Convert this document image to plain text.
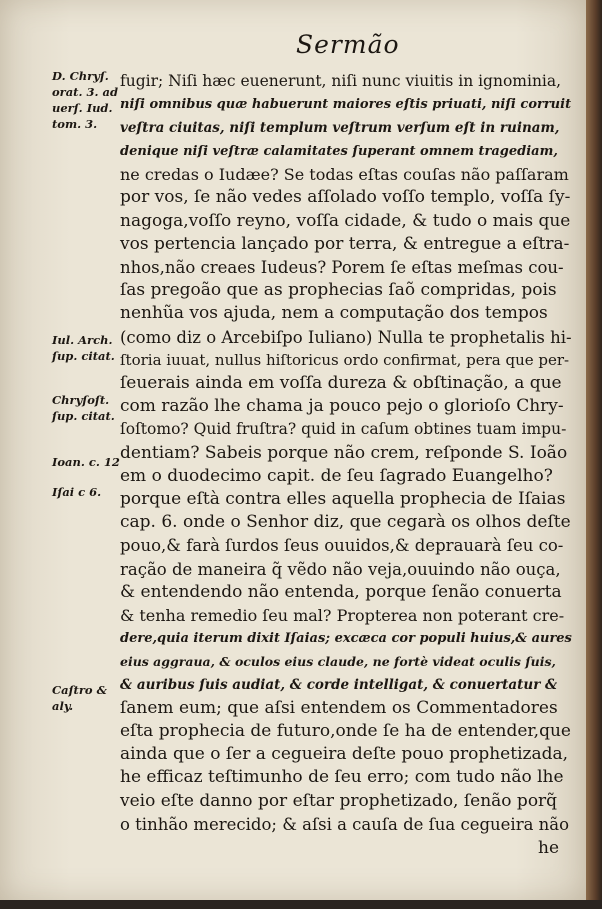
Sermão
D. Chryſ. orat. 3. ad uerſ. Iud. tom. 3.
Iul. Arch. ſup. citat.
Chryſoſt. ſup. citat.
Ioan. c. 12
Iſai c 6.
Caſtro & aly.
fugir; Niſi hæc euenerunt, niſi nunc viuitis in ignominia,
niſi omnibus quæ habuerunt maiores eſtis priuati, niſi corruit
veſtra ciuitas, niſi templum veſtrum verſum eſt in ruinam,
denique niſi veſtræ calamitates ſuperant omnem tragediam,
ne credas o Iudæe? Se todas eſtas couſas não paſſaram
por vos, ſe não vedes aſſolado voſſo templo, voſſa ſy-
nagoga,voſſo reyno, voſſa cidade, & tudo o mais que
vos pertencia lançado por terra, & entregue a eſtra-
nhos,não creaes Iudeus? Porem ſe eſtas meſmas cou-
ſas pregoão que as prophecias ſaõ compridas, pois
nenhũa vos ajuda, nem a computação dos tempos
(como diz o Arcebiſpo Iuliano) Nulla te prophetalis hi-
ſtoria iuuat, nullus hiſtoricus ordo confirmat, pera que per-
ſeuerais ainda em voſſa dureza & obſtinação, a que
com razão lhe chama ja pouco pejo o glorioſo Chry-
ſoſtomo? Quid fruſtra? quid in caſum obtines tuam impu-
dentiam? Sabeis porque não crem, reſponde S. Ioão
em o duodecimo capit. de ſeu ſagrado Euangelho?
porque eſtà contra elles aquella prophecia de Iſaias
cap. 6. onde o Senhor diz, que cegarà os olhos deſte
pouo,& farà ſurdos ſeus ouuidos,& deprauarà ſeu co-
ração de maneira q̃ vẽdo não veja,ouuindo não ouça,
& entendendo não entenda, porque ſenão conuerta
& tenha remedio ſeu mal? Propterea non poterant cre-
dere,quia iterum dixit Iſaias; excæca cor populi huius,& aures
eius aggraua, & oculos eius claude, ne fortè videat oculis ſuis,
& auribus ſuis audiat, & corde intelligat, & conuertatur &
ſanem eum; que aſsi entendem os Commentadores
eſta prophecia de futuro,onde ſe ha de entender,que
ainda que o ſer a cegueira deſte pouo prophetizada,
he efficaz teſtimunho de ſeu erro; com tudo não lhe
veio eſte danno por eſtar prophetizado, ſenão porq̃
o tinhão merecido; & aſsi a cauſa de ſua cegueira não
he
